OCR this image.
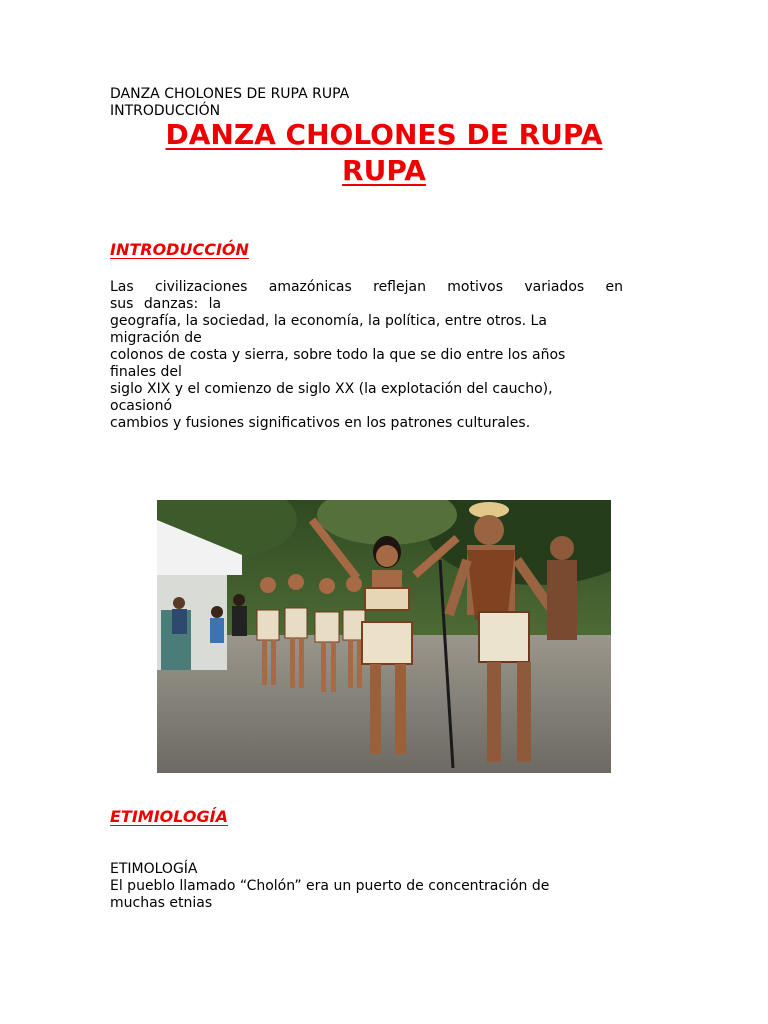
DANZA CHOLONES DE RUPA RUPA
INTRODUCCIÓN
DANZA CHOLONES DE RUPA
RUPA
INTRODUCCIÓN
Las civilizaciones amazónicas reflejan motivos variados en
sus danzas: la
geografía, la sociedad, la economía, la política, entre otros. La
migración de
colonos de costa y sierra, sobre todo la que se dio entre los años
finales del
siglo XIX y el comienzo de siglo XX (la explotación del caucho),
ocasionó
cambios y fusiones significativos en los patrones culturales.
ETIMIOLOGÍA
ETIMOLOGÍA
El pueblo llamado “Cholón” era un puerto de concentración de
muchas etnias
